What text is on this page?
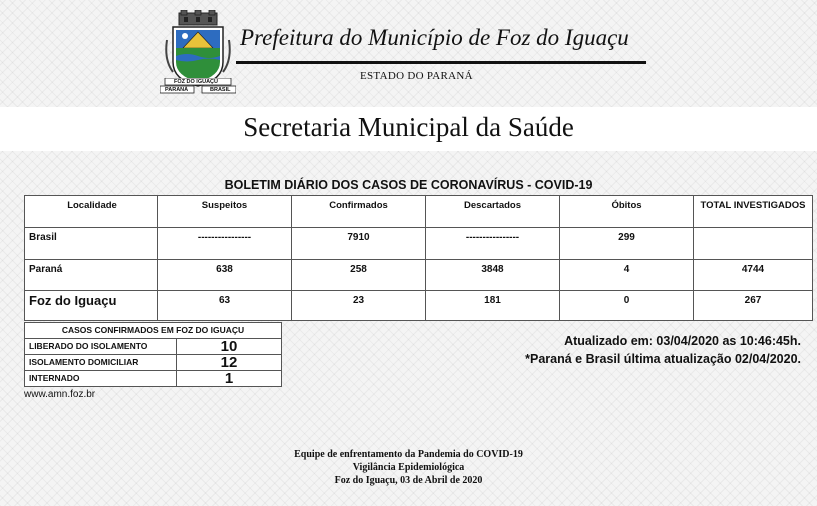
FOZ DO IGUAÇU
PARANÁ	BRASIL
Prefeitura do Município de Foz do Iguaçu
ESTADO DO PARANÁ
Secretaria Municipal da Saúde
BOLETIM DIÁRIO DOS CASOS DE CORONAVÍRUS - COVID-19
Localidade	Suspeitos	Confirmados	Descartados	Óbitos	TOTAL INVESTIGADOS
Brasil	----------------	7910	----------------	299	
Paraná	638	258	3848	4	4744
Foz do Iguaçu	63	23	181	0	267
CASOS CONFIRMADOS EM FOZ DO IGUAÇU	
LIBERADO DO ISOLAMENTO	10
ISOLAMENTO DOMICILIAR	12
INTERNADO	1
Atualizado em: 03/04/2020 as 10:46:45h.
*Paraná e Brasil última atualização 02/04/2020.
www.amn.foz.br
Equipe de enfrentamento da Pandemia do COVID-19
Vigilância Epidemiológica
Foz do Iguaçu, 03 de Abril de 2020
